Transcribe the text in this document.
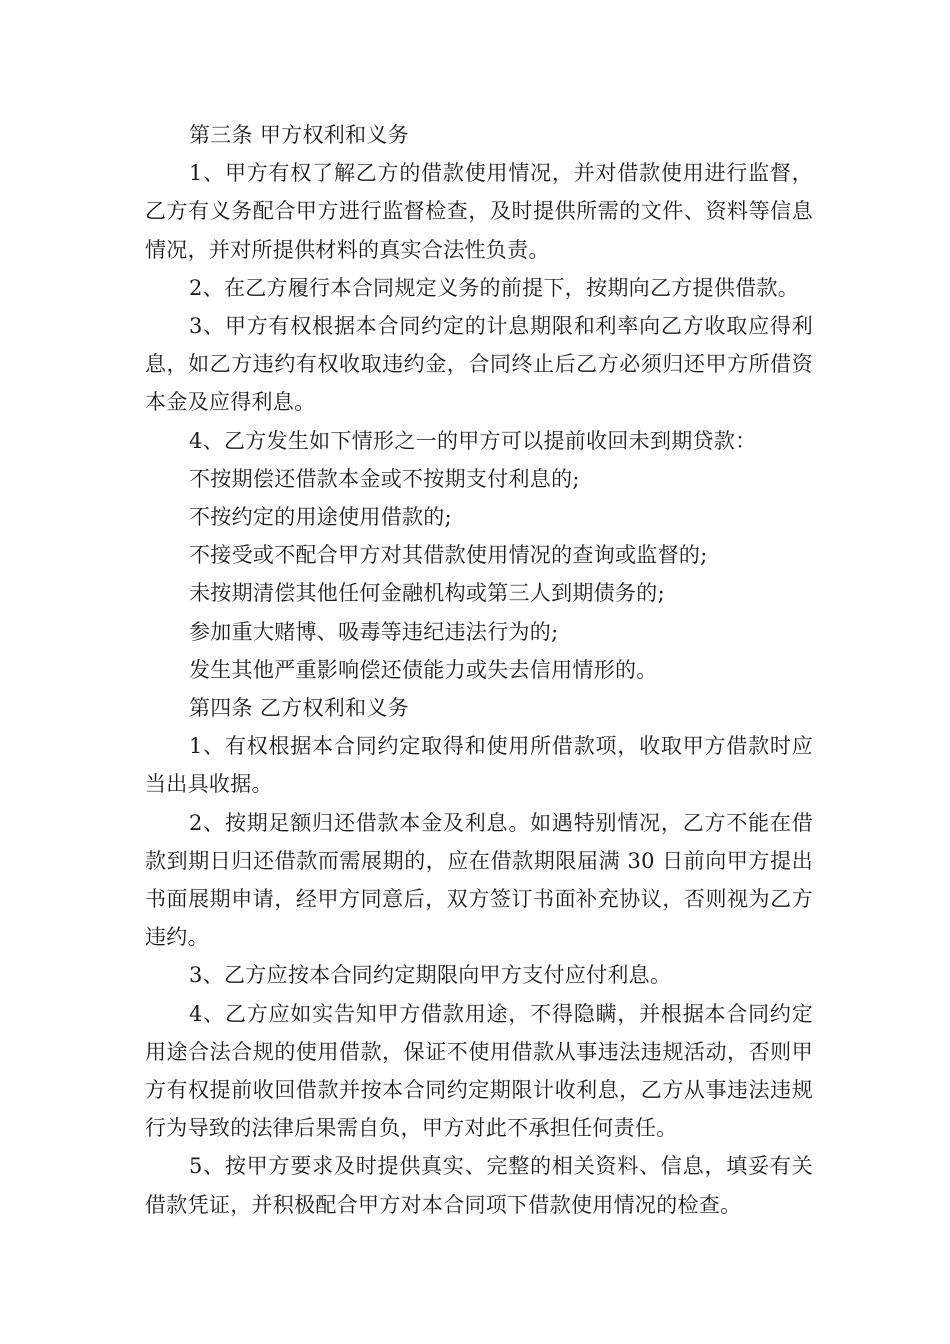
第三条 甲方权利和义务

1、甲方有权了解乙方的借款使用情况，并对借款使用进行监督，乙方有义务配合甲方进行监督检查，及时提供所需的文件、资料等信息情况，并对所提供材料的真实合法性负责。

2、在乙方履行本合同规定义务的前提下，按期向乙方提供借款。

3、甲方有权根据本合同约定的计息期限和利率向乙方收取应得利息，如乙方违约有权收取违约金，合同终止后乙方必须归还甲方所借资本金及应得利息。

4、乙方发生如下情形之一的甲方可以提前收回未到期贷款：

不按期偿还借款本金或不按期支付利息的;

不按约定的用途使用借款的;

不接受或不配合甲方对其借款使用情况的查询或监督的;

未按期清偿其他任何金融机构或第三人到期债务的;

参加重大赌博、吸毒等违纪违法行为的;

发生其他严重影响偿还债能力或失去信用情形的。

第四条 乙方权利和义务

1、有权根据本合同约定取得和使用所借款项，收取甲方借款时应当出具收据。

2、按期足额归还借款本金及利息。如遇特别情况，乙方不能在借款到期日归还借款而需展期的，应在借款期限届满 30 日前向甲方提出书面展期申请，经甲方同意后，双方签订书面补充协议，否则视为乙方违约。

3、乙方应按本合同约定期限向甲方支付应付利息。

4、乙方应如实告知甲方借款用途，不得隐瞒，并根据本合同约定用途合法合规的使用借款，保证不使用借款从事违法违规活动，否则甲方有权提前收回借款并按本合同约定期限计收利息，乙方从事违法违规行为导致的法律后果需自负，甲方对此不承担任何责任。

5、按甲方要求及时提供真实、完整的相关资料、信息，填妥有关借款凭证，并积极配合甲方对本合同项下借款使用情况的检查。
